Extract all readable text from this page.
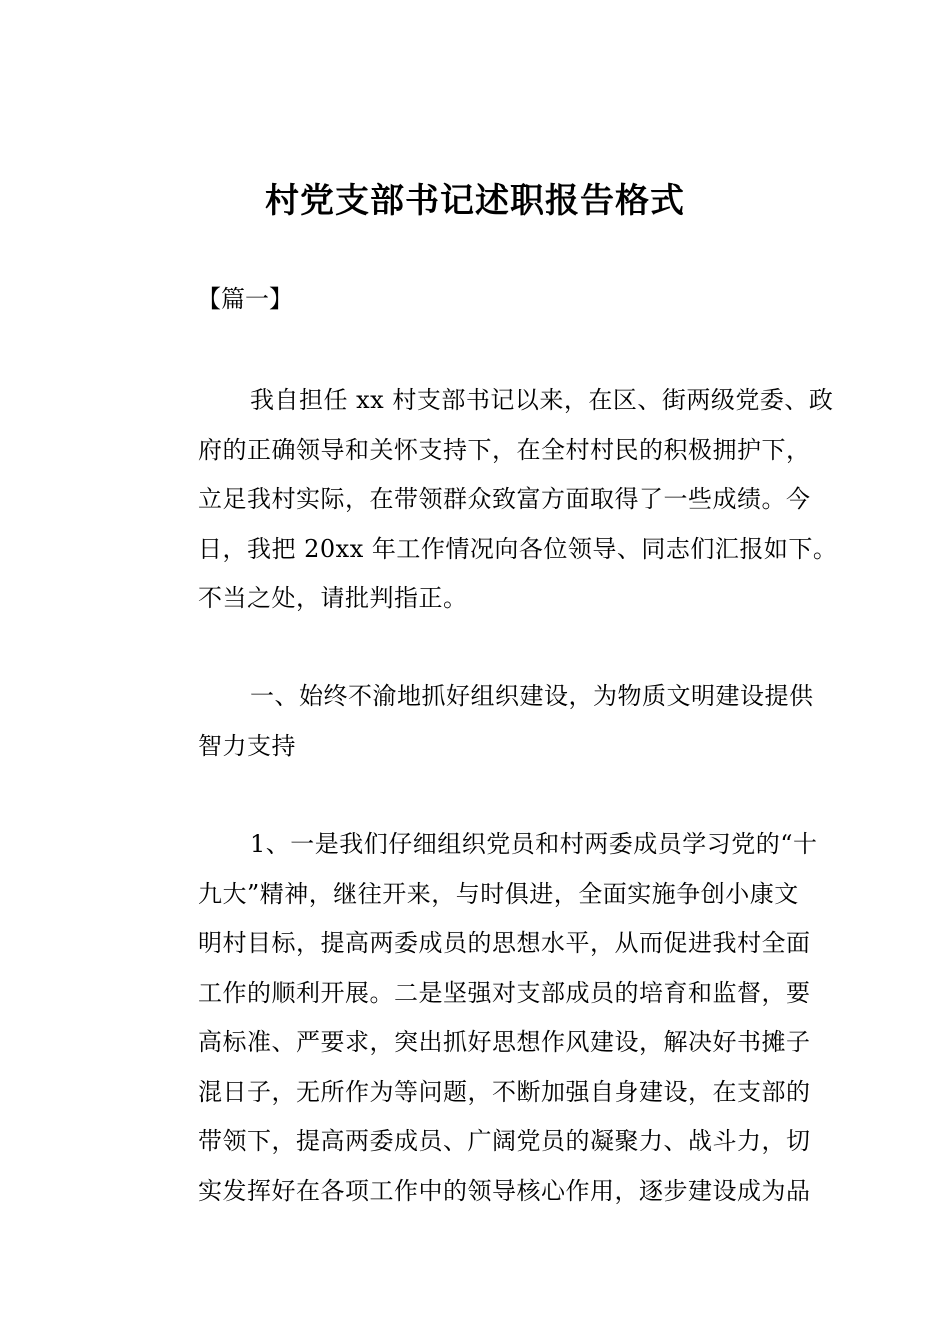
村党支部书记述职报告格式
【篇一】
我自担任 xx 村支部书记以来，在区、街两级党委、政
府的正确领导和关怀支持下，在全村村民的积极拥护下，
立足我村实际，在带领群众致富方面取得了一些成绩。今
日，我把 20xx 年工作情况向各位领导、同志们汇报如下。
不当之处，请批判指正。
一、始终不渝地抓好组织建设，为物质文明建设提供
智力支持
1、一是我们仔细组织党员和村两委成员学习党的“十
九大”精神，继往开来，与时俱进，全面实施争创小康文
明村目标，提高两委成员的思想水平，从而促进我村全面
工作的顺利开展。二是坚强对支部成员的培育和监督，要
高标准、严要求，突出抓好思想作风建设，解决好书摊子
混日子，无所作为等问题，不断加强自身建设，在支部的
带领下，提高两委成员、广阔党员的凝聚力、战斗力，切
实发挥好在各项工作中的领导核心作用，逐步建设成为品
